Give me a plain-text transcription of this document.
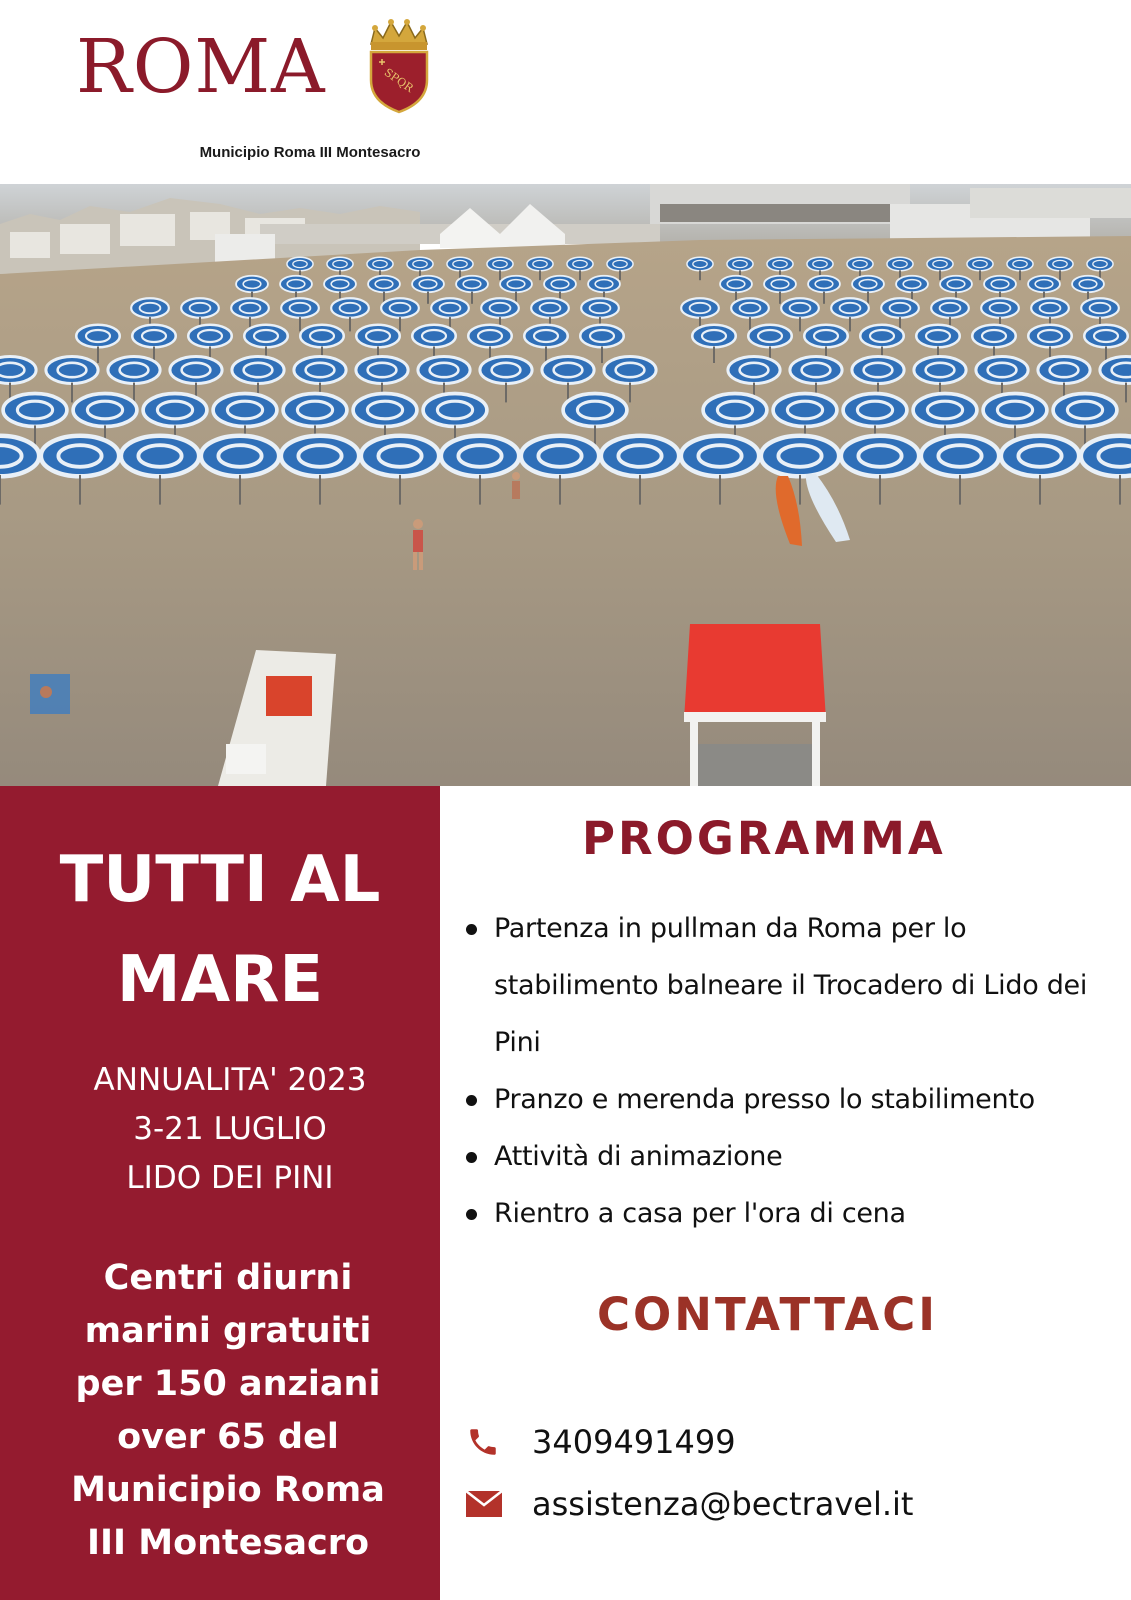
ROMA	SPQR
Municipio Roma III Montesacro
TUTTI AL
MARE
ANNUALITA' 2023
3-21 LUGLIO
LIDO DEI PINI
Centri diurni
marini gratuiti
per 150 anziani
over 65 del
Municipio Roma
III Montesacro
PROGRAMMA
Partenza in pullman da Roma per lo stabilimento balneare il Trocadero di Lido dei Pini
Pranzo e merenda presso lo stabilimento
Attività di animazione
Rientro a casa per l'ora di cena
CONTATTACI
3409491499
assistenza@bectravel.it
